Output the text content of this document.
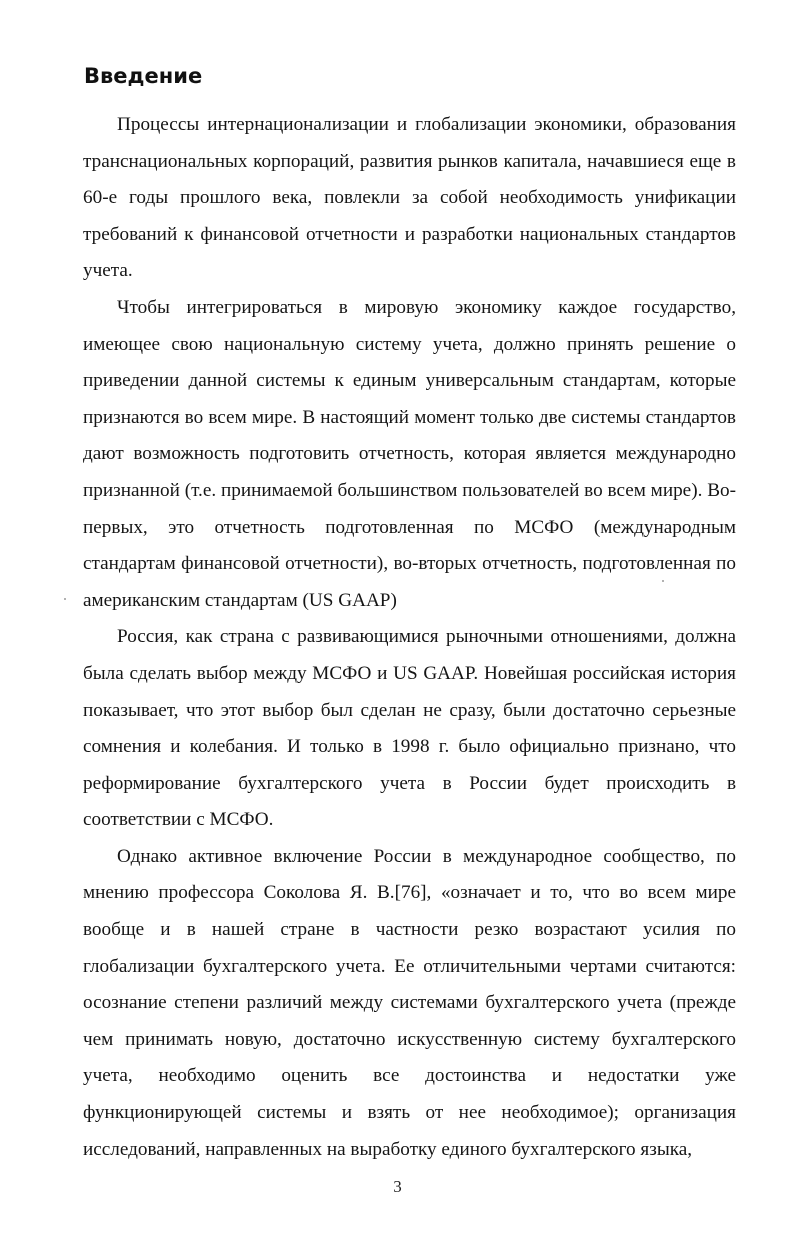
Введение

Процессы интернационализации и глобализации экономики, образования транснациональных корпораций, развития рынков капитала, начавшиеся еще в 60-е годы прошлого века, повлекли за собой необходимость унификации требований к финансовой отчетности и разработки национальных стандартов учета.

Чтобы интегрироваться в мировую экономику каждое государство, имеющее свою национальную систему учета, должно принять решение о приведении данной системы к единым универсальным стандартам, которые признаются во всем мире. В настоящий момент только две системы стандартов дают возможность подготовить отчетность, которая является международно признанной (т.е. принимаемой большинством пользователей во всем мире). Во-первых, это отчетность подготовленная по МСФО (международным стандартам финансовой отчетности), во-вторых отчетность, подготовленная по американским стандартам (US GAAP)

Россия, как страна с развивающимися рыночными отношениями, должна была сделать выбор между МСФО и US GAAP. Новейшая российская история показывает, что этот выбор был сделан не сразу, были достаточно серьезные сомнения и колебания. И только в 1998 г. было официально признано, что реформирование бухгалтерского учета в России будет происходить в соответствии с МСФО.

Однако активное включение России в международное сообщество, по мнению профессора Соколова Я. В.[76], «означает и то, что во всем мире вообще и в нашей стране в частности резко возрастают усилия по глобализации бухгалтерского учета. Ее отличительными чертами считаются: осознание степени различий между системами бухгалтерского учета (прежде чем принимать новую, достаточно искусственную систему бухгалтерского учета, необходимо оценить все достоинства и недостатки уже функционирующей системы и взять от нее необходимое); организация исследований, направленных на выработку единого бухгалтерского языка,

3
